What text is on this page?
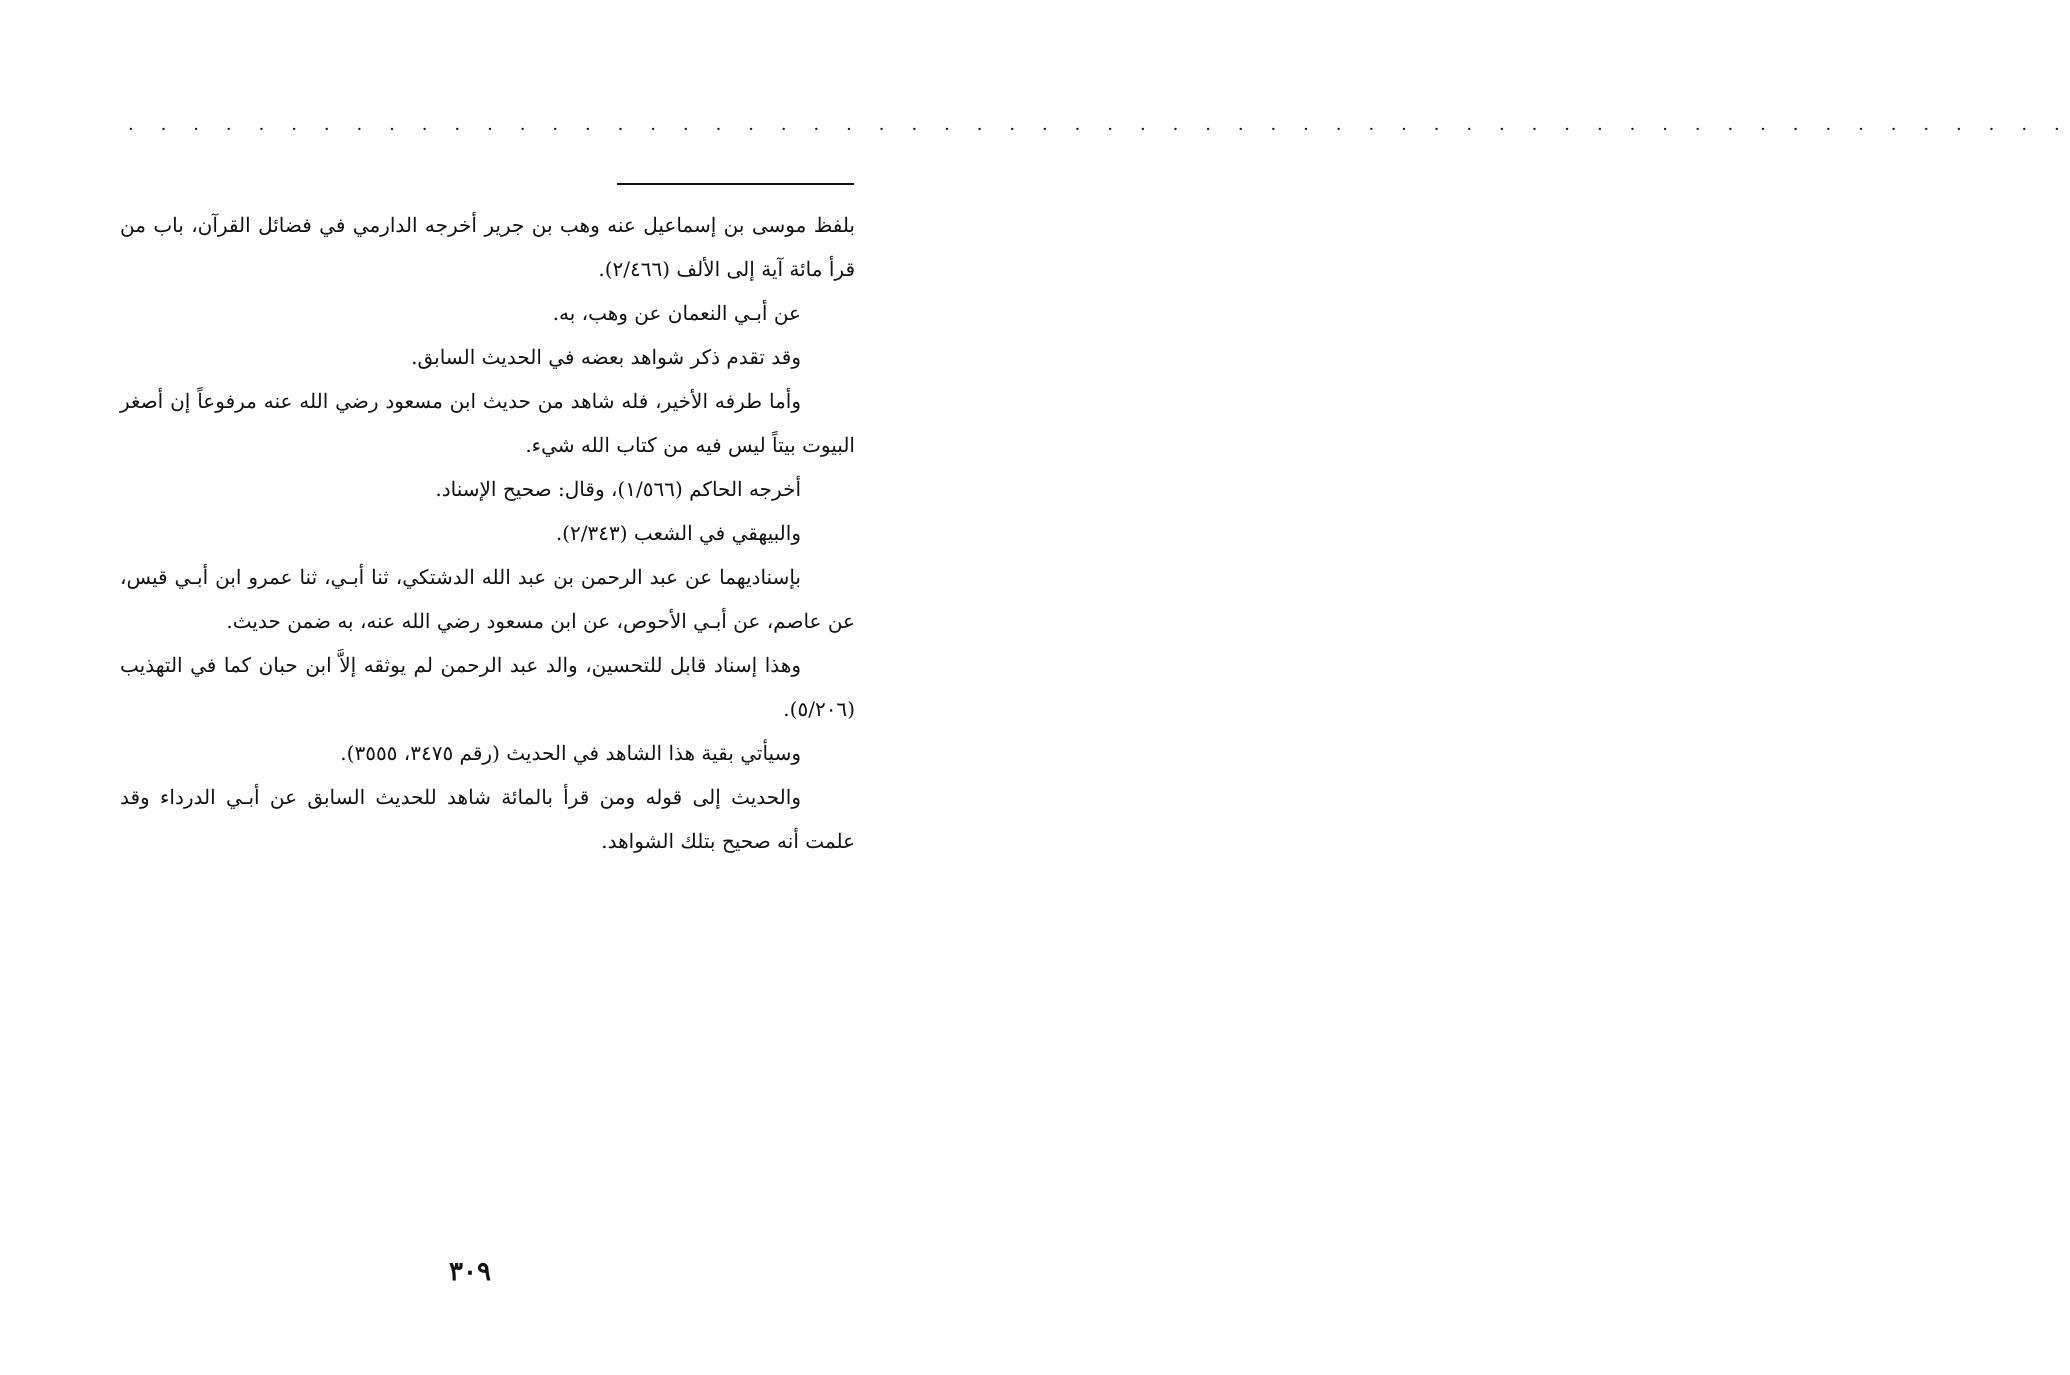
· · · · · · · · · · · · · · · · · · · · · · · · · · · · · · · · · · · · · · · · · · · · · · · · · · · · · · · · · · · ·

بلفظ موسى بن إسماعيل عنه وهب بن جرير أخرجه الدارمي في فضائل القرآن، باب من قرأ مائة آية إلى الألف (٢/٤٦٦).

عن أبـي النعمان عن وهب، به.

وقد تقدم ذكر شواهد بعضه في الحديث السابق.

وأما طرفه الأخير، فله شاهد من حديث ابن مسعود رضي الله عنه مرفوعاً إن أصغر البيوت بيتاً ليس فيه من كتاب الله شيء.

أخرجه الحاكم (١/٥٦٦)، وقال: صحيح الإسناد.

والبيهقي في الشعب (٢/٣٤٣).

بإسناديهما عن عبد الرحمن بن عبد الله الدشتكي، ثنا أبـي، ثنا عمرو ابن أبـي قيس، عن عاصم، عن أبـي الأحوص، عن ابن مسعود رضي الله عنه، به ضمن حديث.

وهذا إسناد قابل للتحسين، والد عبد الرحمن لم يوثقه إلاَّ ابن حبان كما في التهذيب (٥/٢٠٦).

وسيأتي بقية هذا الشاهد في الحديث (رقم ٣٤٧٥، ٣٥٥٥).

والحديث إلى قوله ومن قرأ بالمائة شاهد للحديث السابق عن أبـي الدرداء وقد علمت أنه صحيح بتلك الشواهد.

٣٠٩
